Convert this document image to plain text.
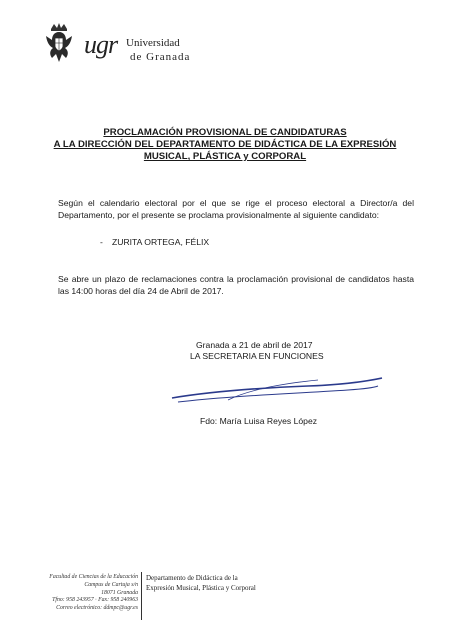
ugr Universidad
de Granada
PROCLAMACIÓN PROVISIONAL DE CANDIDATURAS
A LA DIRECCIÓN DEL DEPARTAMENTO DE DIDÁCTICA DE LA EXPRESIÓN
MUSICAL, PLÁSTICA y CORPORAL
Según el calendario electoral por el que se rige el proceso electoral a Director/a del Departamento, por el presente se proclama provisionalmente al siguiente candidato:
- ZURITA ORTEGA, FÉLIX
Se abre un plazo de reclamaciones contra la proclamación provisional de candidatos hasta las 14:00 horas del día 24 de Abril de 2017.
Granada a 21 de abril de 2017
LA SECRETARIA EN FUNCIONES
Fdo: María Luisa Reyes López
Facultad de Ciencias de la Educación
Campus de Cartuja s/n
18071 Granada
Tfno: 958 243957 · Fax: 958 240963
Correo electrónico: ddmpc@ugr.es
Departamento de Didáctica de la
Expresión Musical, Plástica y Corporal
